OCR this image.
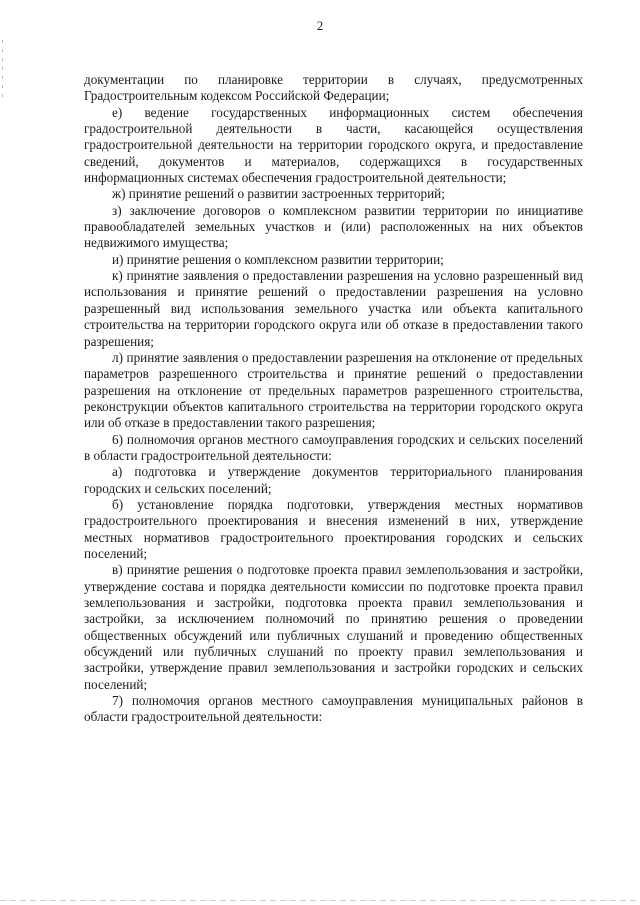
2

документации по планировке территории в случаях, предусмотренных Градостроительным кодексом Российской Федерации;

е) ведение государственных информационных систем обеспечения градостроительной деятельности в части, касающейся осуществления градостроительной деятельности на территории городского округа, и предоставление сведений, документов и материалов, содержащихся в государственных информационных системах обеспечения градостроительной деятельности;

ж) принятие решений о развитии застроенных территорий;

з) заключение договоров о комплексном развитии территории по инициативе правообладателей земельных участков и (или) расположенных на них объектов недвижимого имущества;

и) принятие решения о комплексном развитии территории;

к) принятие заявления о предоставлении разрешения на условно разрешенный вид использования и принятие решений о предоставлении разрешения на условно разрешенный вид использования земельного участка или объекта капитального строительства на территории городского округа или об отказе в предоставлении такого разрешения;

л) принятие заявления о предоставлении разрешения на отклонение от предельных параметров разрешенного строительства и принятие решений о предоставлении разрешения на отклонение от предельных параметров разрешенного строительства, реконструкции объектов капитального строительства на территории городского округа или об отказе в предоставлении такого разрешения;

6) полномочия органов местного самоуправления городских и сельских поселений в области градостроительной деятельности:

а) подготовка и утверждение документов территориального планирования городских и сельских поселений;

б) установление порядка подготовки, утверждения местных нормативов градостроительного проектирования и внесения изменений в них, утверждение местных нормативов градостроительного проектирования городских и сельских поселений;

в) принятие решения о подготовке проекта правил землепользования и застройки, утверждение состава и порядка деятельности комиссии по подготовке проекта правил землепользования и застройки, подготовка проекта правил землепользования и застройки, за исключением полномочий по принятию решения о проведении общественных обсуждений или публичных слушаний и проведению общественных обсуждений или публичных слушаний по проекту правил землепользования и застройки, утверждение правил землепользования и застройки городских и сельских поселений;

7) полномочия органов местного самоуправления муниципальных районов в области градостроительной деятельности:
